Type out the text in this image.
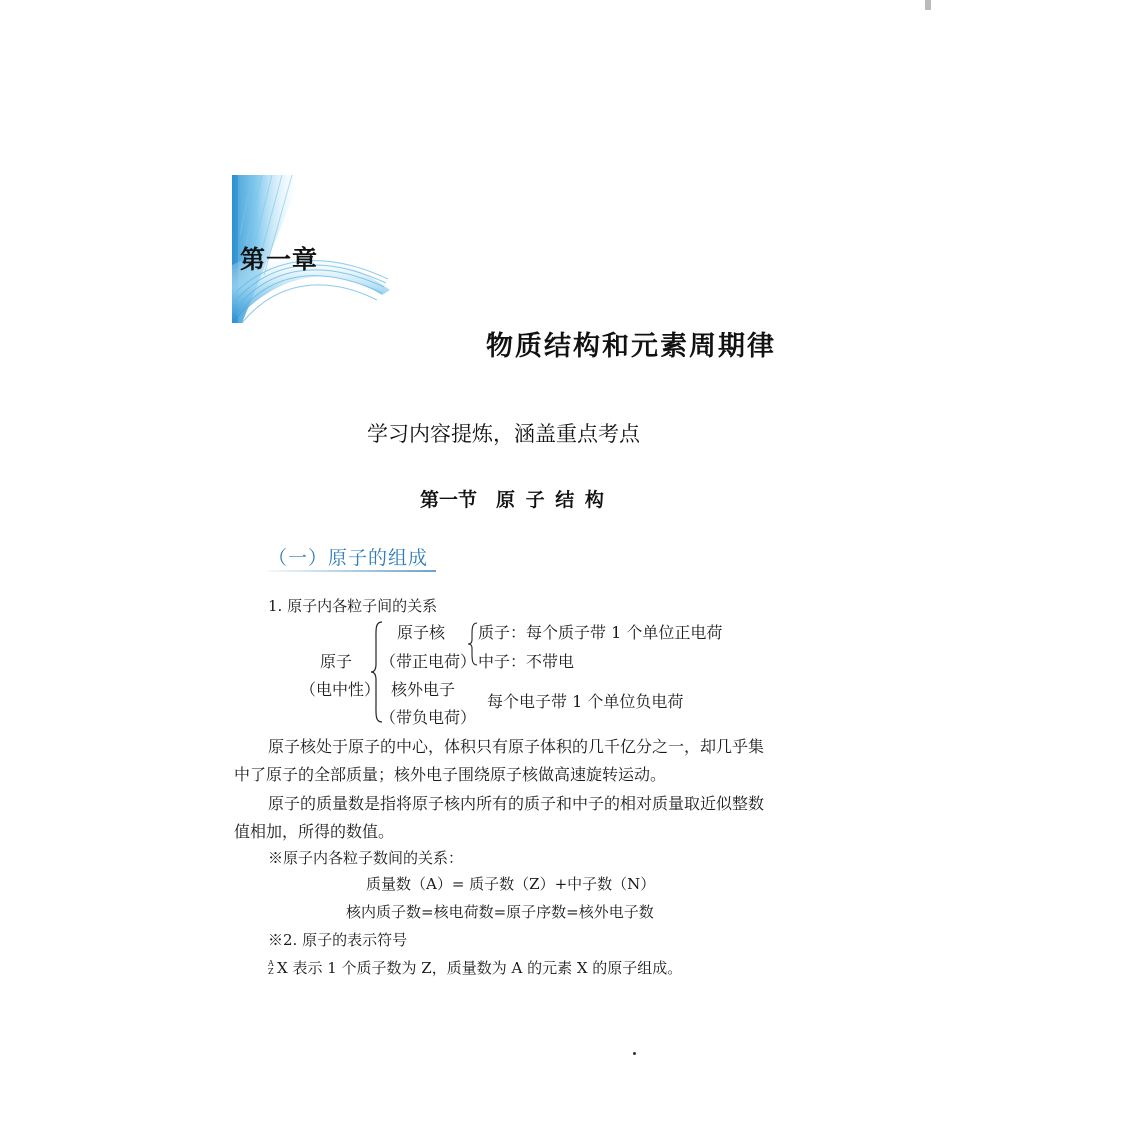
第一章
物质结构和元素周期律
学习内容提炼，涵盖重点考点
第一节　原 子 结 构
（一）原子的组成
1. 原子内各粒子间的关系
原子
（电中性）
原子核
（带正电荷）
核外电子
（带负电荷）
质子：每个质子带 1 个单位正电荷
中子：不带电
每个电子带 1 个单位负电荷
原子核处于原子的中心，体积只有原子体积的几千亿分之一，却几乎集
中了原子的全部质量；核外电子围绕原子核做高速旋转运动。
原子的质量数是指将原子核内所有的质子和中子的相对质量取近似整数
值相加，所得的数值。
※原子内各粒子数间的关系：
质量数（A）= 质子数（Z）+中子数（N）
核内质子数=核电荷数=原子序数=核外电子数
※2. 原子的表示符号
A
Z X 表示 1 个质子数为 Z，质量数为 A 的元素 X 的原子组成。
